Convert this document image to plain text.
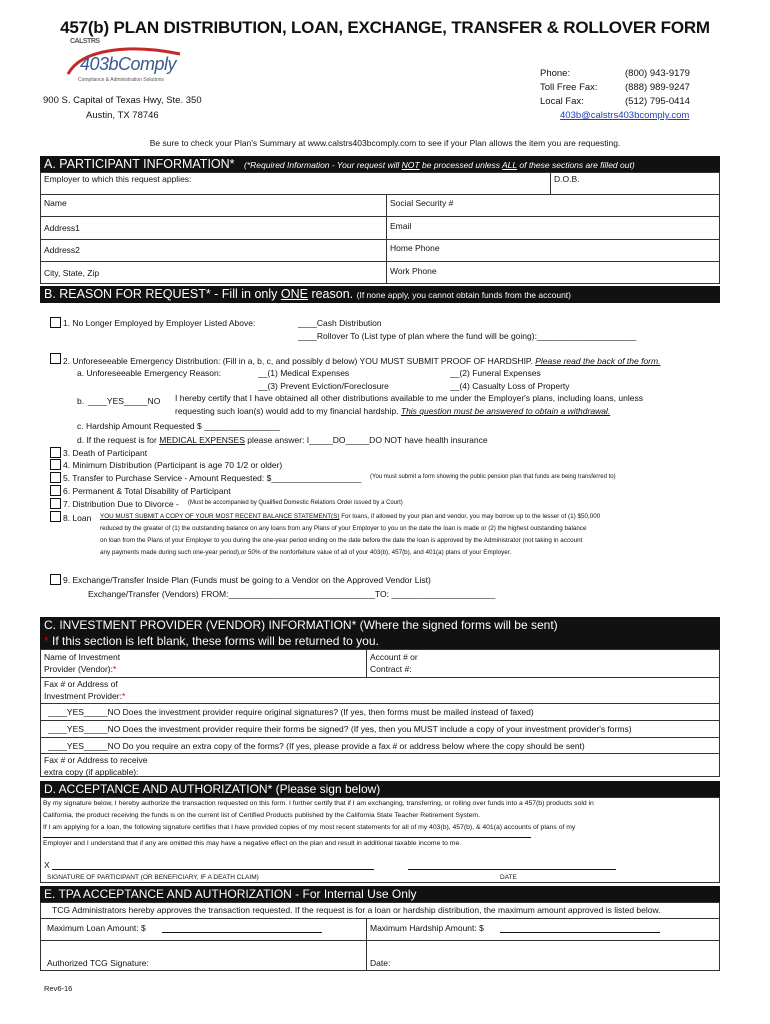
457(b) PLAN DISTRIBUTION, LOAN, EXCHANGE, TRANSFER & ROLLOVER FORM
CALSTRS
403bComply
Compliance & Administration Solutions
900 S. Capital of Texas Hwy, Ste. 350
Austin, TX 78746
Phone:	(800) 943-9179
Toll Free Fax:	(888) 989-9247
Local Fax:	(512) 795-0414
403b@calstrs403bcomply.com
Be sure to check your Plan's Summary at www.calstrs403bcomply.com to see if your Plan allows the item you are requesting.
A. PARTICIPANT INFORMATION* (*Required Information - Your request will NOT be processed unless ALL of these sections are filled out)
Employer to which this request applies:	D.O.B.
Name	Social Security #
Address1	Email
Address2	Home Phone
City, State, Zip	Work Phone
B. REASON FOR REQUEST* - Fill in only ONE reason. (If none apply, you cannot obtain funds from the account)
1. No Longer Employed by Employer Listed Above:	____Cash Distribution
____Rollover To (List type of plan where the fund will be going):_____________________
2. Unforeseeable Emergency Distribution: (Fill in a, b, c, and possibly d below) YOU MUST SUBMIT PROOF OF HARDSHIP. Please read the back of the form.
a. Unforeseeable Emergency Reason:	__(1) Medical Expenses	__(2) Funeral Expenses
__(3) Prevent Eviction/Foreclosure	__(4) Casualty Loss of Property
b. ____YES_____NO I hereby certify that I have obtained all other distributions available to me under the Employer's plans, including loans, unless
requesting such loan(s) would add to my financial hardship. This question must be answered to obtain a withdrawal.
c. Hardship Amount Requested $ ________________
d. If the request is for MEDICAL EXPENSES please answer: I_____DO_____DO NOT have health insurance
3. Death of Participant
4. Minimum Distribution (Participant is age 70 1/2 or older)
5. Transfer to Purchase Service - Amount Requested: $___________________ (You must submit a form showing the public pension plan that funds are being transferred to)
6. Permanent & Total Disability of Participant
7. Distribution Due to Divorce - (Must be accompanied by Qualified Domestic Relations Order issued by a Court)
8. Loan YOU MUST SUBMIT A COPY OF YOUR MOST RECENT BALANCE STATEMENT(S) For loans, if allowed by your plan and vendor, you may borrow up to the lesser of (1) $50,000
reduced by the greater of (1) the outstanding balance on any loans from any Plans of your Employer to you on the date the loan is made or (2) the highest outstanding balance
on loan from the Plans of your Employer to you during the one-year period ending on the date before the date the loan is approved by the Administrator (not taking in account
any payments made during such one-year period),or 50% of the nonforfeiture value of all of your 403(b), 457(b), and 401(a) plans of your Employer.
9. Exchange/Transfer Inside Plan (Funds must be going to a Vendor on the Approved Vendor List)
Exchange/Transfer (Vendors) FROM:_______________________________TO: ______________________
C. INVESTMENT PROVIDER (VENDOR) INFORMATION* (Where the signed forms will be sent)
* If this section is left blank, these forms will be returned to you.
Name of Investment
Provider (Vendor):*
Account # or
Contract #:
Fax # or Address of
Investment Provider:*
____YES_____NO Does the investment provider require original signatures? (If yes, then forms must be mailed instead of faxed)
____YES_____NO Does the investment provider require their forms be signed? (If yes, then you MUST include a copy of your investment provider's forms)
____YES_____NO Do you require an extra copy of the forms? (If yes, please provide a fax # or address below where the copy should be sent)
Fax # or Address to receive
extra copy (if applicable):
D. ACCEPTANCE AND AUTHORIZATION* (Please sign below)
By my signature below, I hereby authorize the transaction requested on this form. I further certify that if I am exchanging, transferring, or rolling over funds into a 457(b) products sold in
California, the product receiving the funds is on the current list of Certified Products published by the California State Teacher Retirement System.
If I am applying for a loan, the following signature certifies that I have provided copies of my most recent statements for all of my 403(b), 457(b), & 401(a) accounts of plans of my
Employer and I understand that if any are omitted this may have a negative effect on the plan and result in additional taxable income to me.
X
SIGNATURE OF PARTICIPANT (OR BENEFICIARY, IF A DEATH CLAIM)	DATE
E. TPA ACCEPTANCE AND AUTHORIZATION - For Internal Use Only
TCG Administrators hereby approves the transaction requested. If the request is for a loan or hardship distribution, the maximum amount approved is listed below.
Maximum Loan Amount: $	Maximum Hardship Amount: $
Authorized TCG Signature:	Date:
Rev6-16
